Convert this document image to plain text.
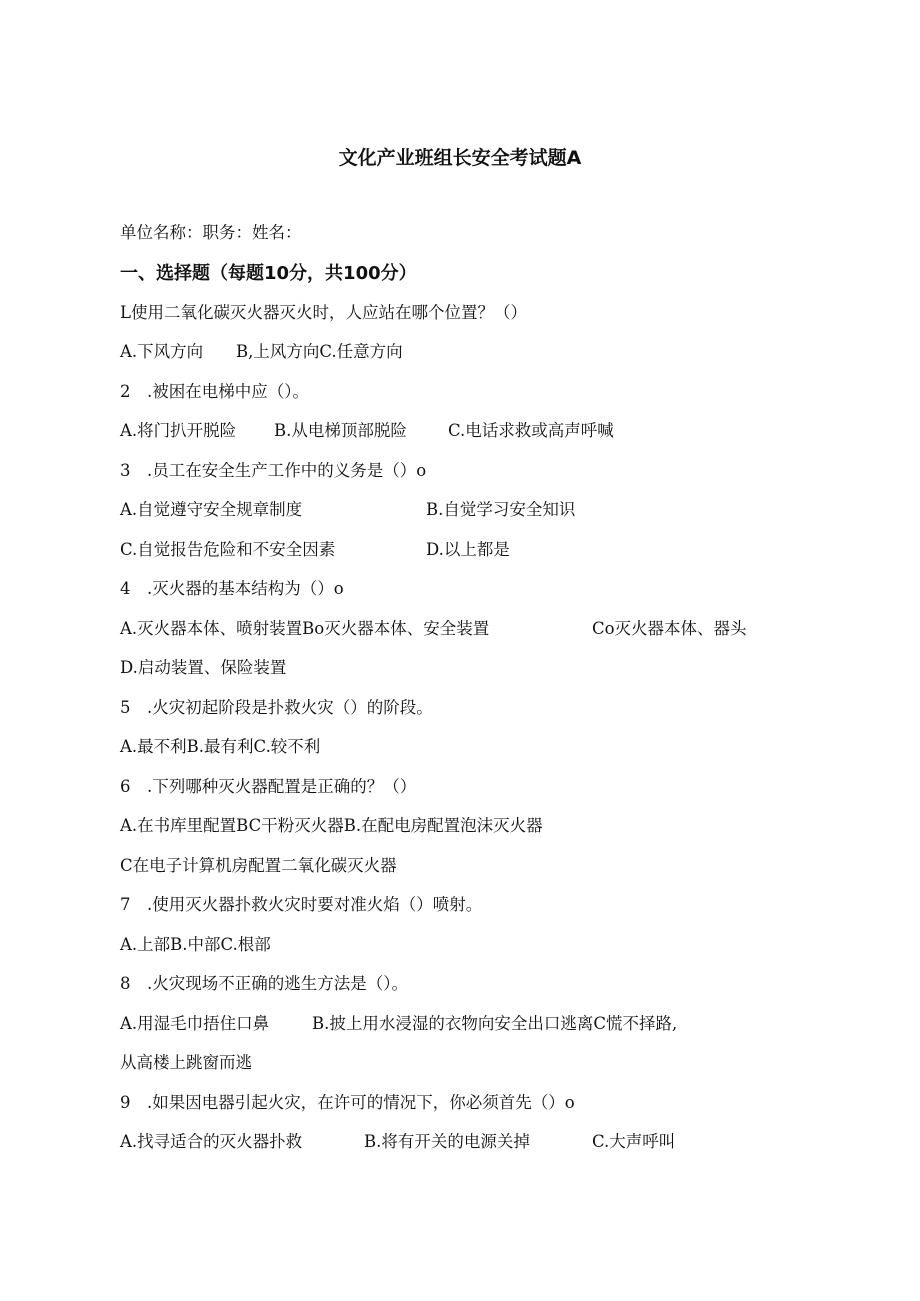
文化产业班组长安全考试题A
单位名称：职务：姓名：
一、选择题（每题10分，共100分）
L使用二氧化碳灭火器灭火时，人应站在哪个位置？（）
A.下风方向 B,上风方向C.任意方向
2　.被困在电梯中应（）。
A.将门扒开脱险 B.从电梯顶部脱险 C.电话求救或高声呼喊
3　.员工在安全生产工作中的义务是（）o
A.自觉遵守安全规章制度	B.自觉学习安全知识
C.自觉报告危险和不安全因素	D.以上都是
4　.灭火器的基本结构为（）o
A.灭火器本体、喷射装置Bo灭火器本体、安全装置	Co灭火器本体、器头
D.启动装置、保险装置
5　.火灾初起阶段是扑救火灾（）的阶段。
A.最不利B.最有利C.较不利
6　.下列哪种灭火器配置是正确的？（）
A.在书库里配置BC干粉灭火器B.在配电房配置泡沫灭火器
C在电子计算机房配置二氧化碳灭火器
7　.使用灭火器扑救火灾时要对准火焰（）喷射。
A.上部B.中部C.根部
8　.火灾现场不正确的逃生方法是（）。
A.用湿毛巾捂住口鼻	B.披上用水浸湿的衣物向安全出口逃离C慌不择路,
从高楼上跳窗而逃
9　.如果因电器引起火灾，在许可的情况下，你必须首先（）o
A.找寻适合的灭火器扑救	B.将有开关的电源关掉	C.大声呼叫
